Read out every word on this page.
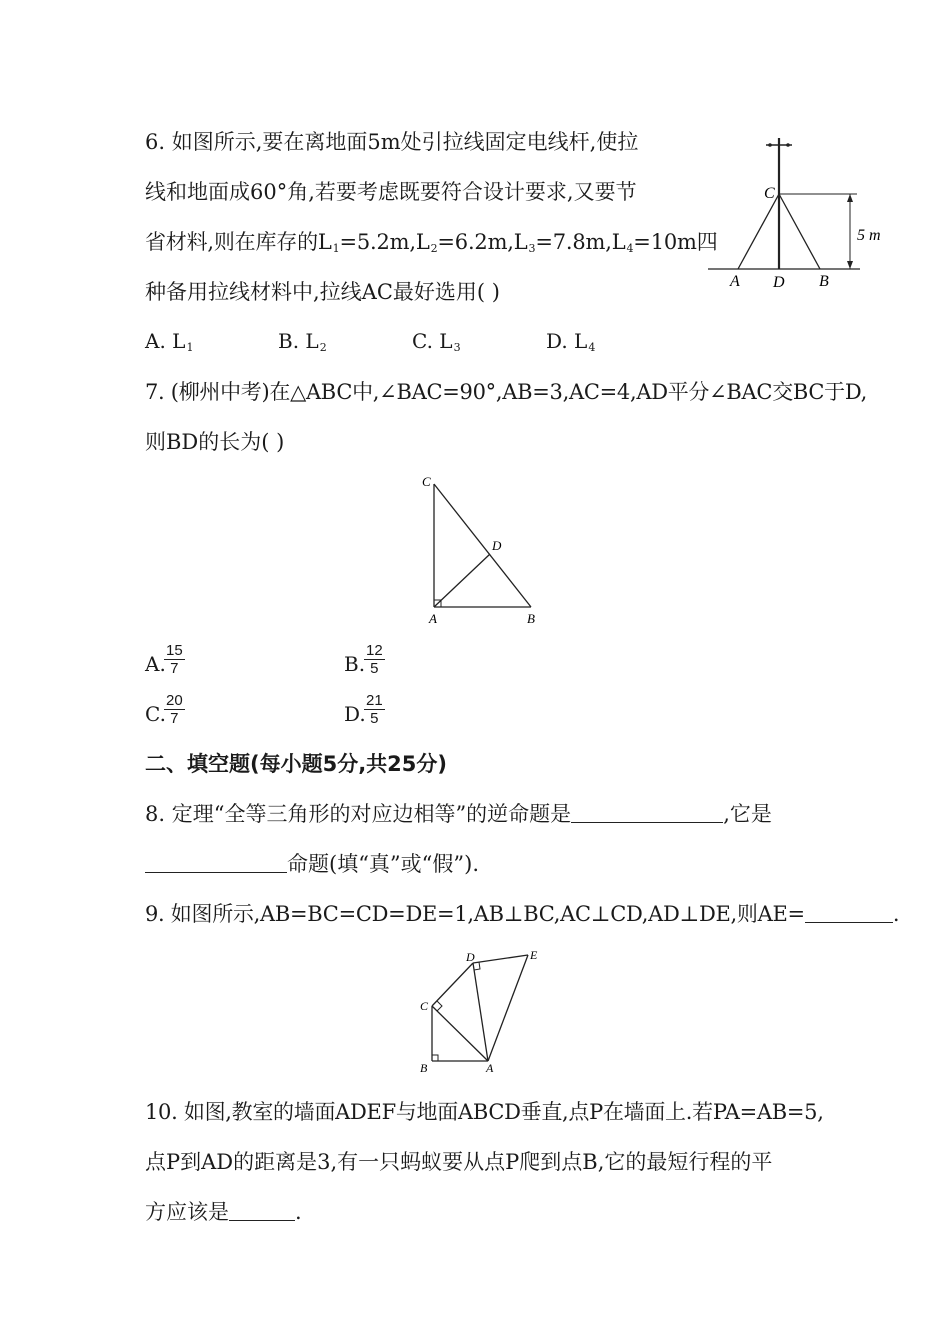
6. 如图所示,要在离地面5m处引拉线固定电线杆,使拉
线和地面成60°角,若要考虑既要符合设计要求,又要节
省材料,则在库存的$L_1=5.2m,L_2=6.2m,L_3=7.8m,L_4=10m$四
种备用拉线材料中,拉线AC最好选用( )
C
A D B
5 m
A. $L_1$	B. $L_2$	C. $L_3$	D. $L_4$
7. (柳州中考)在△ABC中,∠BAC=90°,AB=3,AC=4,AD平分∠BAC交BC于D,
则BD的长为( )
C
D
A	B
A.
$\frac{15}{7}$	B.
$\frac{12}{5}$
C.
$\frac{20}{7}$	D.
$\frac{21}{5}$
二、填空题(每小题5分,共25分)
8. 定理“全等三角形的对应边相等”的逆命题是	,它是
命题(填“真”或“假”).
9. 如图所示,AB=BC=CD=DE=1,AB⊥BC,AC⊥CD,AD⊥DE,则AE=	.
D	E
C
B	A
10. 如图,教室的墙面ADEF与地面ABCD垂直,点P在墙面上.若PA=AB=5,
点P到AD的距离是3,有一只蚂蚁要从点P爬到点B,它的最短行程的平
方应该是	.
